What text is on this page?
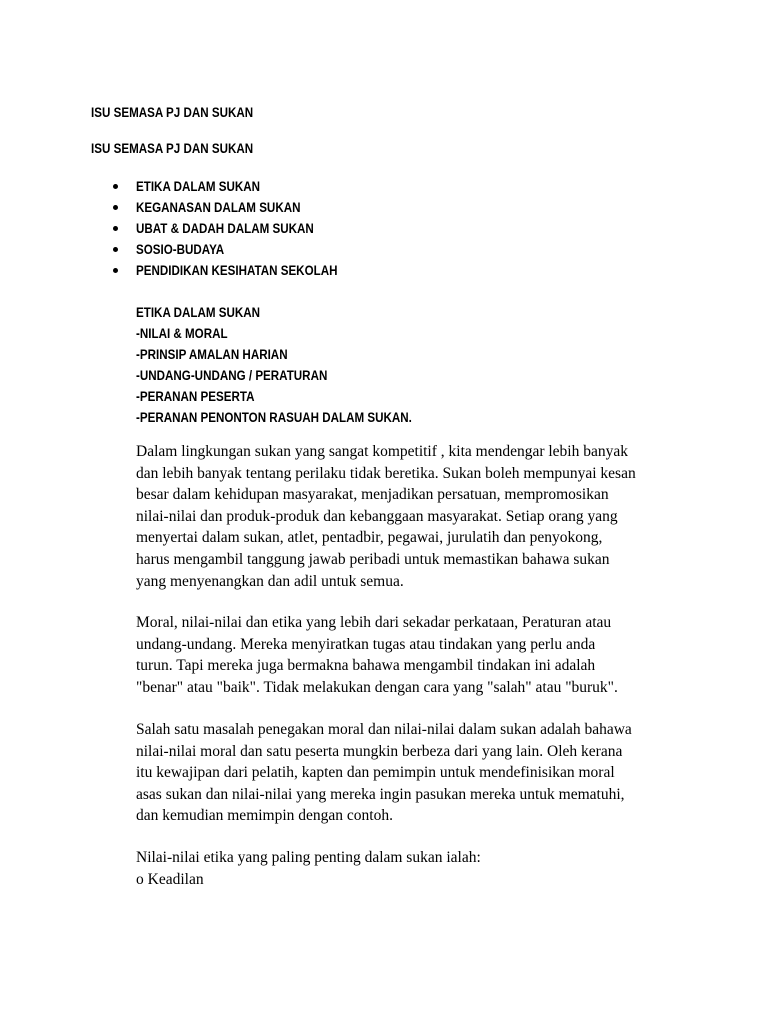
ISU SEMASA PJ DAN SUKAN
ISU SEMASA PJ DAN SUKAN
ETIKA DALAM SUKAN
KEGANASAN DALAM SUKAN
UBAT & DADAH DALAM SUKAN
SOSIO-BUDAYA
PENDIDIKAN KESIHATAN SEKOLAH
ETIKA DALAM SUKAN
-NILAI & MORAL
-PRINSIP AMALAN HARIAN
-UNDANG-UNDANG / PERATURAN
-PERANAN PESERTA
-PERANAN PENONTON RASUAH DALAM SUKAN.

Dalam lingkungan sukan yang sangat kompetitif , kita mendengar lebih banyak
dan lebih banyak tentang perilaku tidak beretika. Sukan boleh mempunyai kesan
besar dalam kehidupan masyarakat, menjadikan persatuan, mempromosikan
nilai-nilai dan produk-produk dan kebanggaan masyarakat. Setiap orang yang
menyertai dalam sukan, atlet, pentadbir, pegawai, jurulatih dan penyokong,
harus mengambil tanggung jawab peribadi untuk memastikan bahawa sukan
yang menyenangkan dan adil untuk semua.

Moral, nilai-nilai dan etika yang lebih dari sekadar perkataan, Peraturan atau
undang-undang. Mereka menyiratkan tugas atau tindakan yang perlu anda
turun. Tapi mereka juga bermakna bahawa mengambil tindakan ini adalah
"benar" atau "baik". Tidak melakukan dengan cara yang "salah" atau "buruk".

Salah satu masalah penegakan moral dan nilai-nilai dalam sukan adalah bahawa
nilai-nilai moral dan satu peserta mungkin berbeza dari yang lain. Oleh kerana
itu kewajipan dari pelatih, kapten dan pemimpin untuk mendefinisikan moral
asas sukan dan nilai-nilai yang mereka ingin pasukan mereka untuk mematuhi,
dan kemudian memimpin dengan contoh.

Nilai-nilai etika yang paling penting dalam sukan ialah:
o Keadilan
